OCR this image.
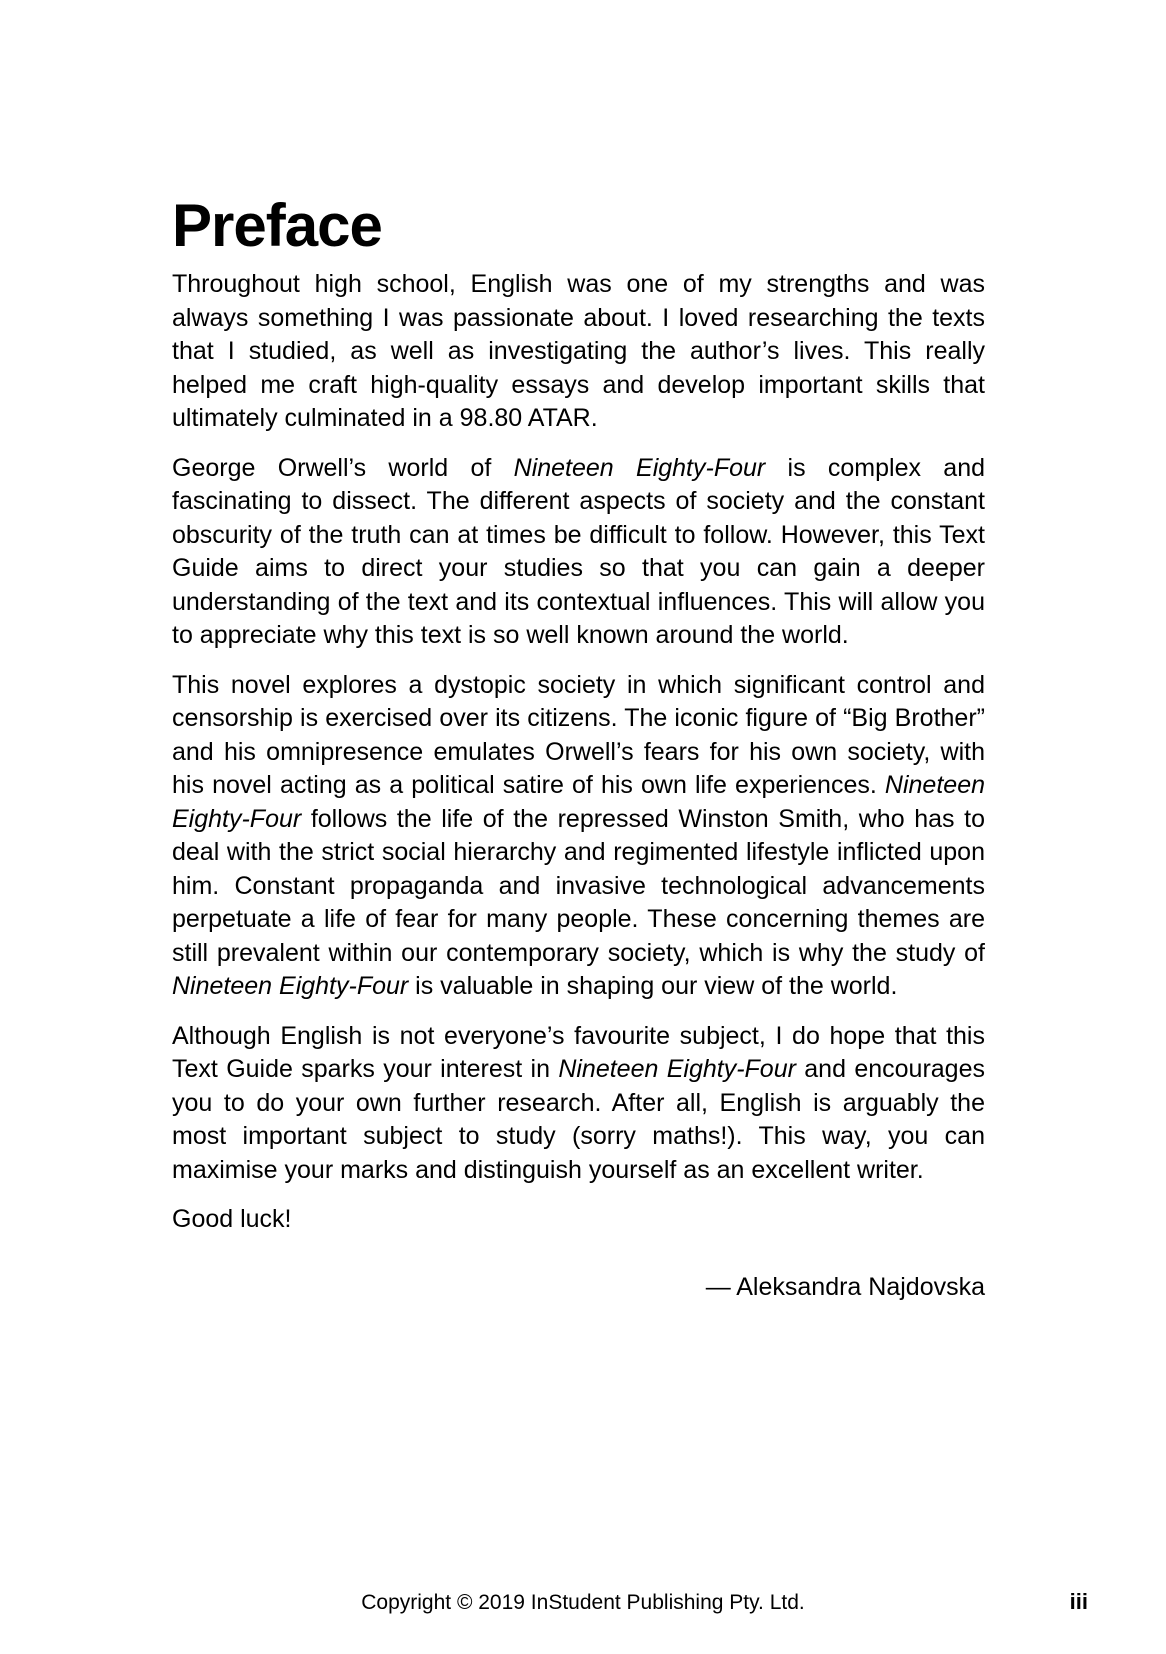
Preface

Throughout high school, English was one of my strengths and was always something I was passionate about. I loved researching the texts that I studied, as well as investigating the author’s lives. This really helped me craft high-quality essays and develop important skills that ultimately culminated in a 98.80 ATAR.

George Orwell’s world of Nineteen Eighty-Four is complex and fascinating to dissect. The different aspects of society and the constant obscurity of the truth can at times be difficult to follow. However, this Text Guide aims to direct your studies so that you can gain a deeper understanding of the text and its contextual influences. This will allow you to appreciate why this text is so well known around the world.

This novel explores a dystopic society in which significant control and censorship is exercised over its citizens. The iconic figure of “Big Brother” and his omnipresence emulates Orwell’s fears for his own society, with his novel acting as a political satire of his own life experiences. Nineteen Eighty-Four follows the life of the repressed Winston Smith, who has to deal with the strict social hierarchy and regimented lifestyle inflicted upon him. Constant propaganda and invasive technological advancements perpetuate a life of fear for many people. These concerning themes are still prevalent within our contemporary society, which is why the study of Nineteen Eighty-Four is valuable in shaping our view of the world.

Although English is not everyone’s favourite subject, I do hope that this Text Guide sparks your interest in Nineteen Eighty-Four and encourages you to do your own further research. After all, English is arguably the most important subject to study (sorry maths!). This way, you can maximise your marks and distinguish yourself as an excellent writer.

Good luck!

— Aleksandra Najdovska

Copyright © 2019 InStudent Publishing Pty. Ltd.	iii
